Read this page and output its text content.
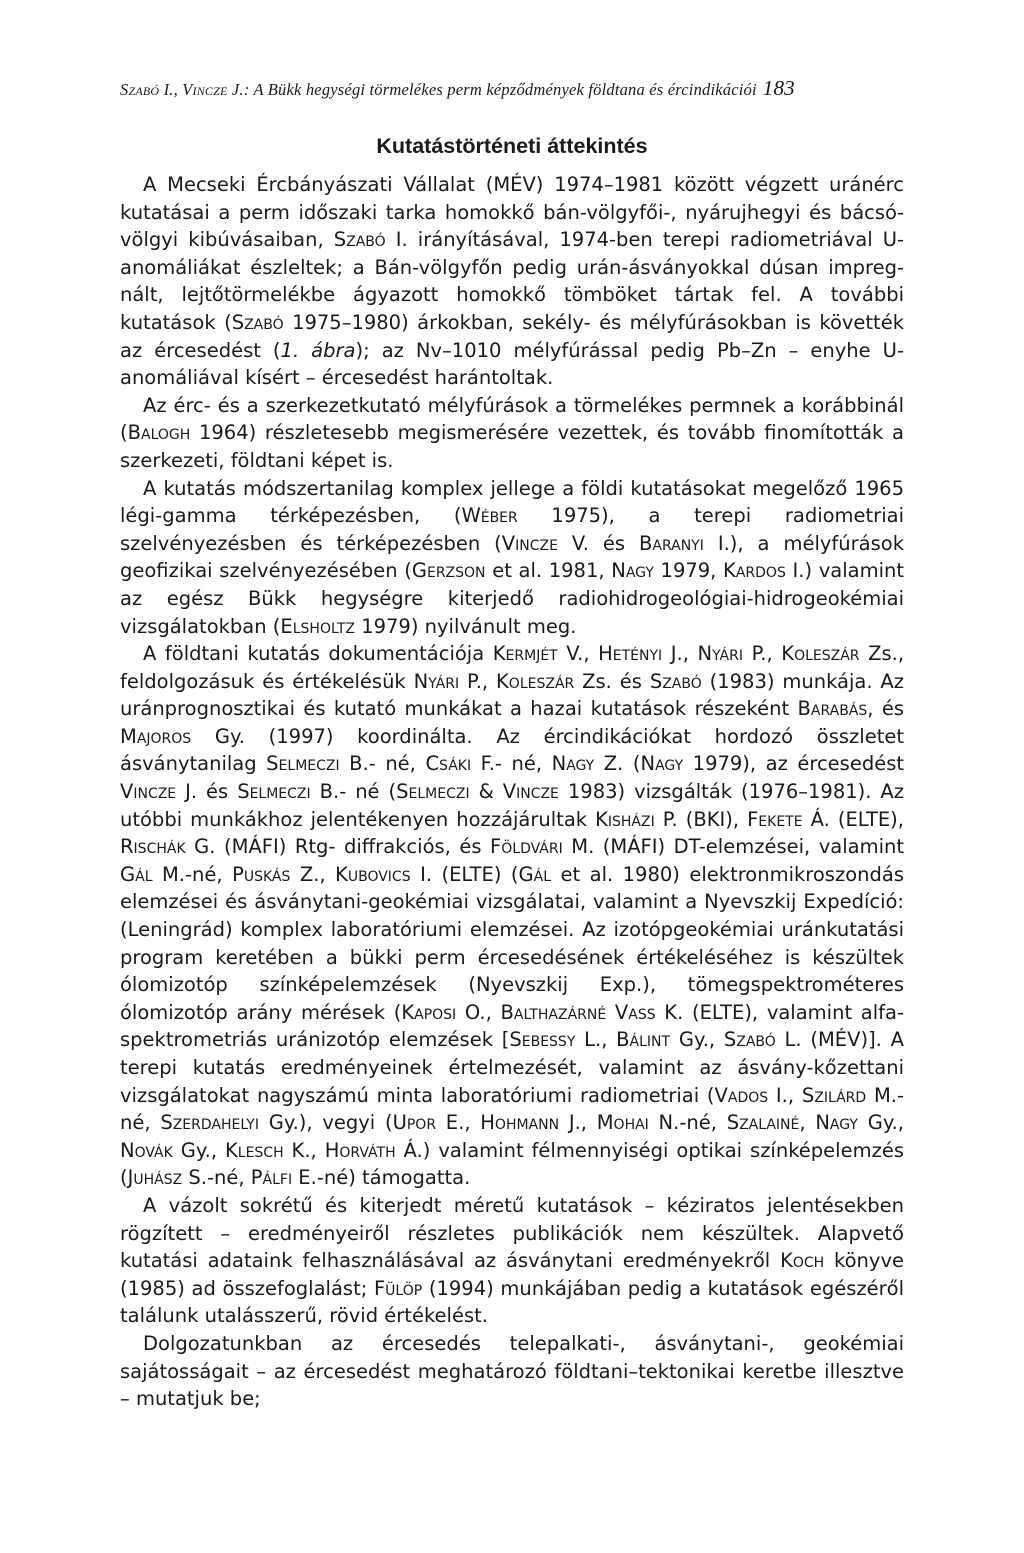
Szabó I., Vincze J.: A Bükk hegységi törmelékes perm képződmények földtana és ércindikációi 183
Kutatástörténeti áttekintés

A Mecseki Ércbányászati Vállalat (MÉV) 1974–1981 között végzett uránérc kutatásai a perm időszaki tarka homokkő bán-völgyfői-, nyárujhegyi és bácsóvölgyi kibúvásaiban, Szabó I. irányításával, 1974-ben terepi radiometriával U-anomáliákat észleltek; a Bán-völgyfőn pedig urán-ásványokkal dúsan impregnált, lejtőtörmelékbe ágyazott homokkő tömböket tártak fel. A további kutatások (Szabó 1975–1980) árkokban, sekély- és mélyfúrásokban is követték az ércesedést (1. ábra); az Nv–1010 mélyfúrással pedig Pb–Zn – enyhe U-anomáliával kísért – ércesedést harántoltak.

Az érc- és a szerkezetkutató mélyfúrások a törmelékes permnek a korábbinál (Balogh 1964) részletesebb megismerésére vezettek, és tovább finomították a szerkezeti, földtani képet is.

A kutatás módszertanilag komplex jellege a földi kutatásokat megelőző 1965 légi-gamma térképezésben, (Wéber 1975), a terepi radiometriai szelvényezésben és térképezésben (Vincze V. és Baranyi I.), a mélyfúrások geofizikai szelvényezésében (Gerzson et al. 1981, Nagy 1979, Kardos I.) valamint az egész Bükk hegységre kiterjedő radiohidrogeológiai-hidrogeokémiai vizsgálatokban (Elsholtz 1979) nyilvánult meg.

A földtani kutatás dokumentációja Kermjét V., Hetényi J., Nyári P., Koleszár Zs., feldolgozásuk és értékelésük Nyári P., Koleszár Zs. és Szabó (1983) munkája. Az uránprognosztikai és kutató munkákat a hazai kutatások részeként Barabás, és Majoros Gy. (1997) koordinálta. Az ércindikációkat hordozó összletet ásványtanilag Selmeczi B.- né, Csáki F.- né, Nagy Z. (Nagy 1979), az ércesedést Vincze J. és Selmeczi B.- né (Selmeczi & Vincze 1983) vizsgálták (1976–1981). Az utóbbi munkákhoz jelentékenyen hozzájárultak Kisházi P. (BKI), Fekete Á. (ELTE), Rischák G. (MÁFI) Rtg- diffrakciós, és Földvári M. (MÁFI) DT-elemzései, valamint Gál M.-né, Puskás Z., Kubovics I. (ELTE) (Gál et al. 1980) elektronmikroszondás elemzései és ásványtani-geokémiai vizsgálatai, valamint a Nyevszkij Expedíció: (Leningrád) komplex laboratóriumi elemzései. Az izotópgeokémiai uránkutatási program keretében a bükki perm ércesedésének értékeléséhez is készültek ólomizotóp színképelemzések (Nyevszkij Exp.), tömegspektrométeres ólomizotóp arány mérések (Kaposi O., Balthazárné Vass K. (ELTE), valamint alfa-spektrometriás uránizotóp elemzések [Sebessy L., Bálint Gy., Szabó L. (MÉV)]. A terepi kutatás eredményeinek értelmezését, valamint az ásvány-kőzettani vizsgálatokat nagyszámú minta laboratóriumi radiometriai (Vados I., Szilárd M.-né, Szerdahelyi Gy.), vegyi (Upor E., Hohmann J., Mohai N.-né, Szalainé, Nagy Gy., Novák Gy., Klesch K., Horváth Á.) valamint félmennyiségi optikai színképelemzés (Juhász S.-né, Pálfi E.-né) támogatta.

A vázolt sokrétű és kiterjedt méretű kutatások – kéziratos jelentésekben rögzített – eredményeiről részletes publikációk nem készültek. Alapvető kutatási adataink felhasználásával az ásványtani eredményekről Koch könyve (1985) ad összefoglalást; Fülöp (1994) munkájában pedig a kutatások egészéről találunk utalásszerű, rövid értékelést.

Dolgozatunkban az ércesedés telepalkati-, ásványtani-, geokémiai sajátosságait – az ércesedést meghatározó földtani–tektonikai keretbe illesztve – mutatjuk be;
